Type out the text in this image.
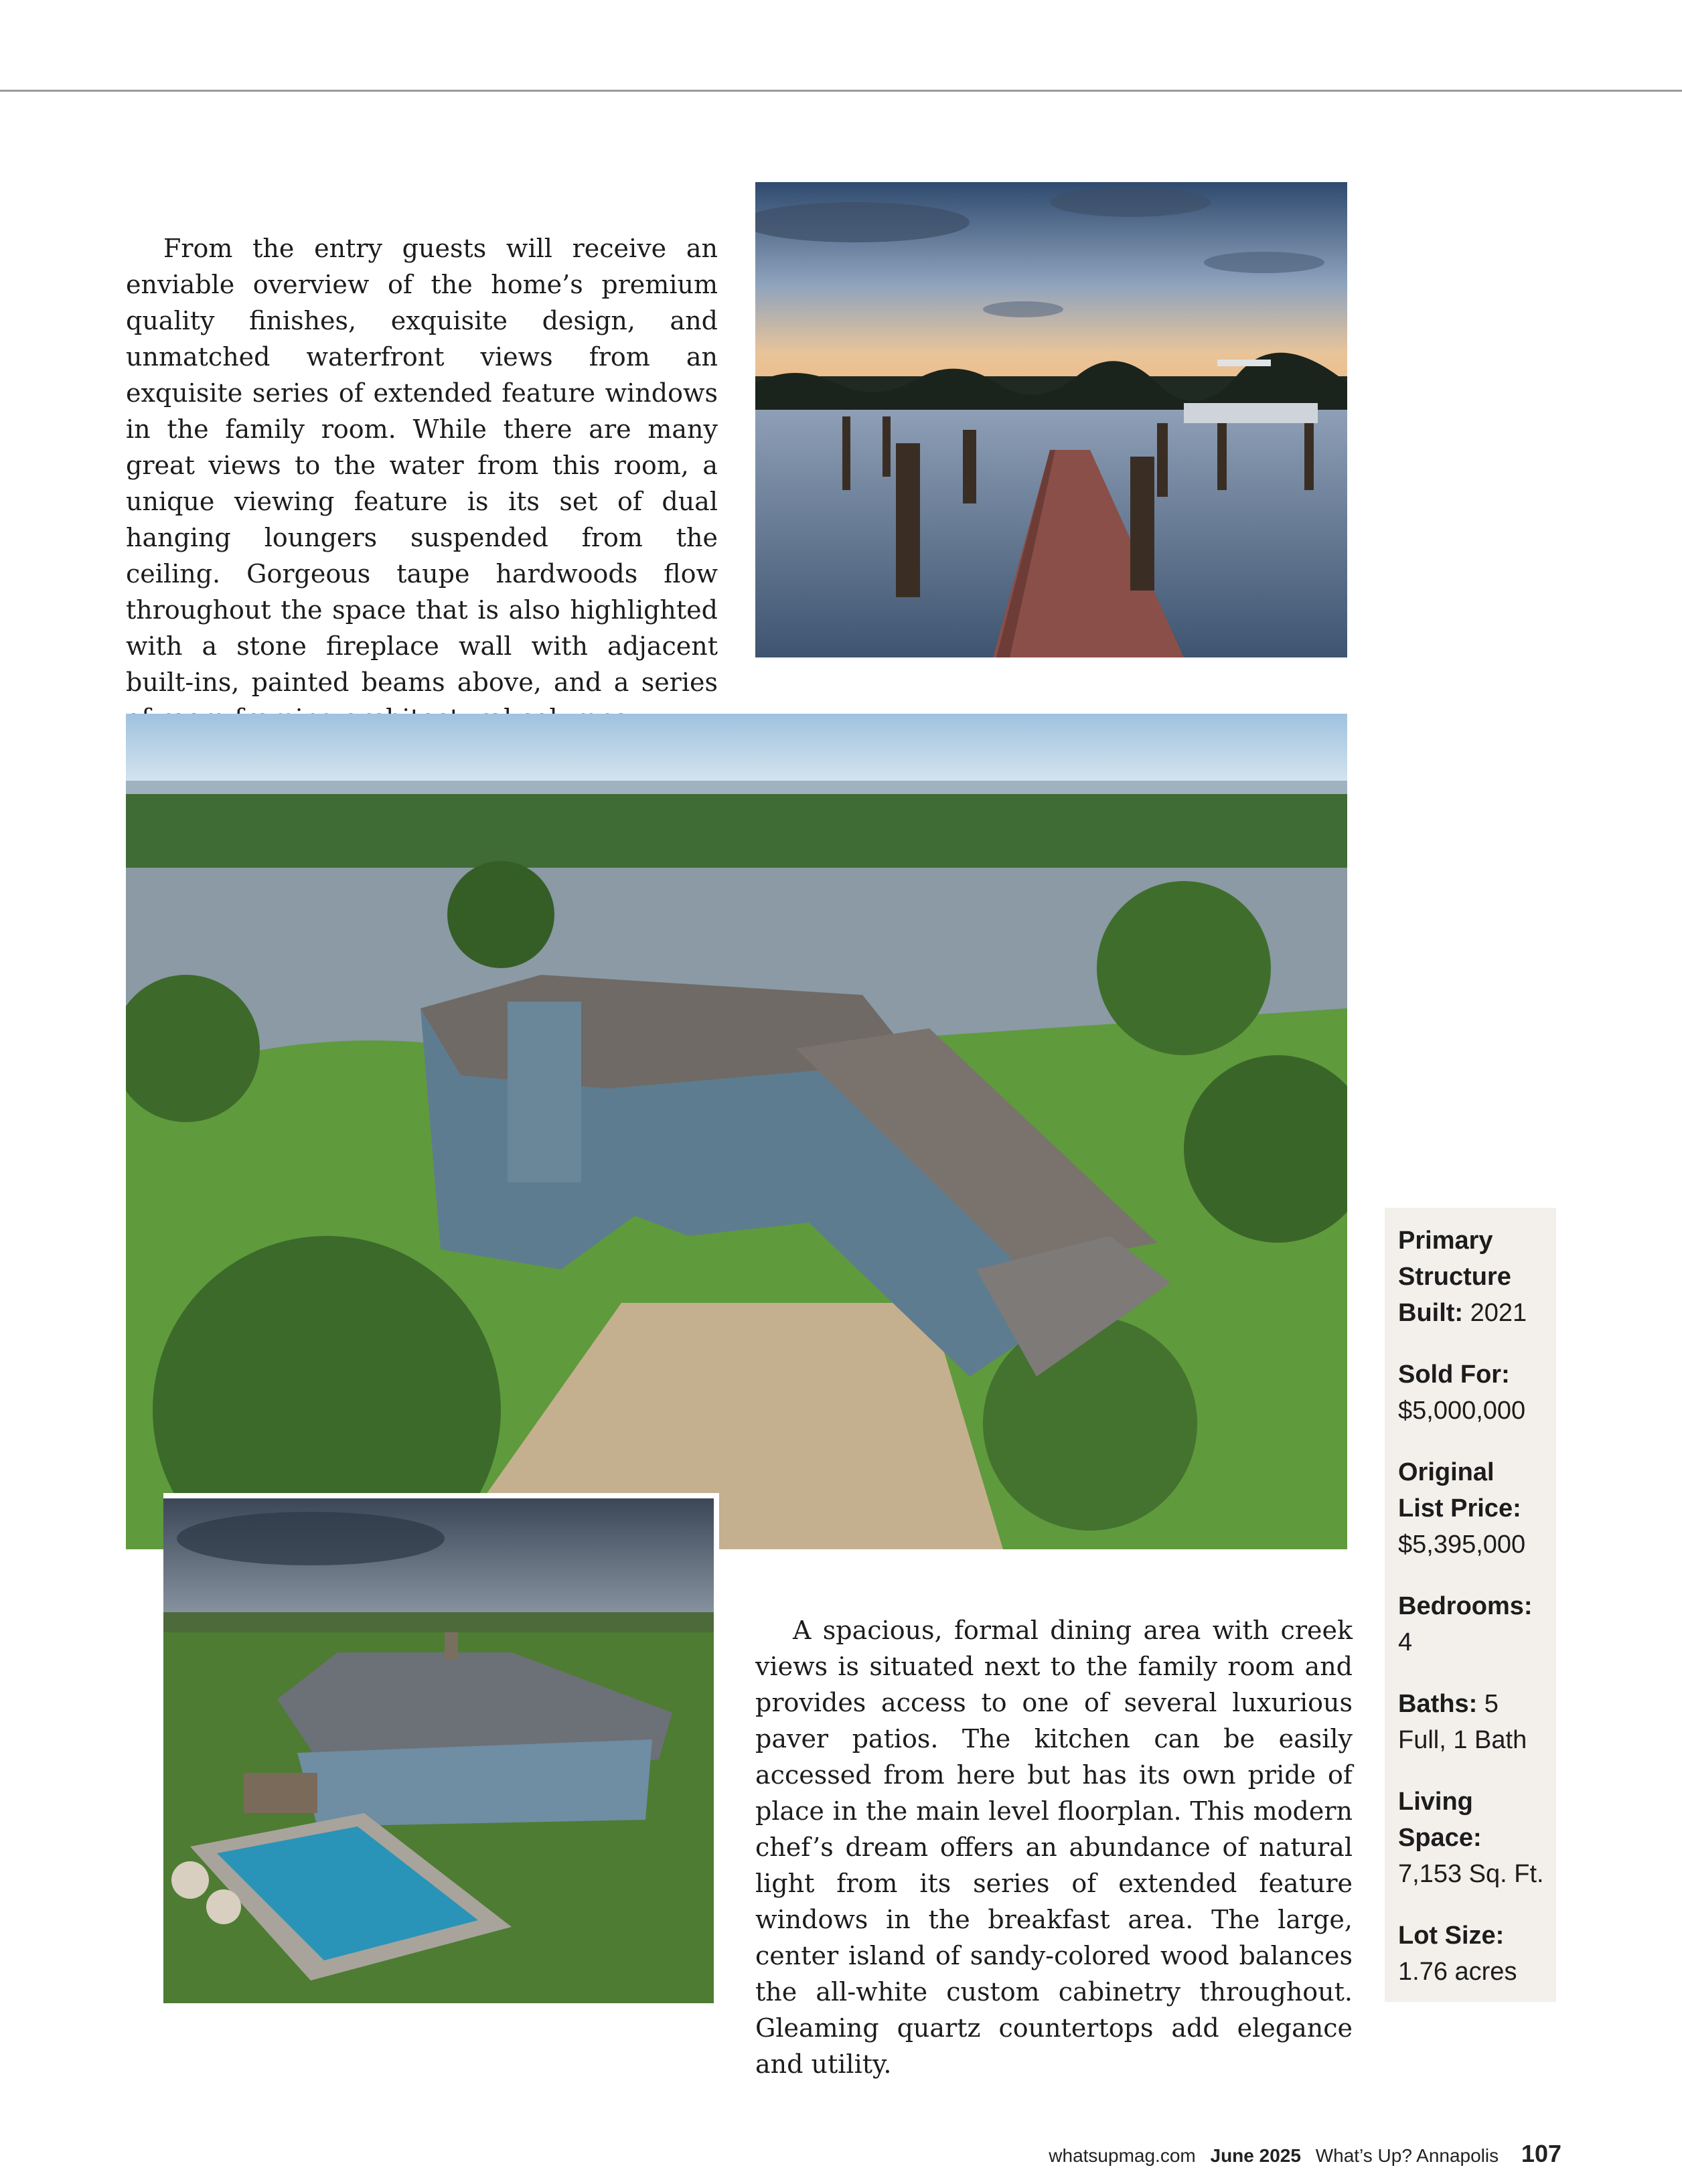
From the entry guests will receive an enviable overview of the home’s premium quality finishes, exquisite design, and unmatched waterfront views from an exquisite series of extended feature windows in the family room. While there are many great views to the water from this room, a unique viewing feature is its set of dual hanging loungers suspended from the ceiling. Gorgeous taupe hardwoods flow throughout the space that is also highlighted with a stone fireplace wall with adjacent built-ins, painted beams above, and a series

A spacious, formal dining area with creek views is situated next to the family room and provides access to one of several luxurious paver patios. The kitchen can be easily accessed from here but has its own pride of place in the main level floorplan. This modern chef’s dream offers an abundance of natural light from its series of extended feature windows in the breakfast area. The large, center island of sandy-colored wood balances the all-white custom cabinetry throughout. Gleaming quartz countertops add elegance and utility.

Primary Structure Built: 2021
Sold For: $5,000,000
Original List Price: $5,395,000
Bedrooms: 4
Baths: 5 Full, 1 Bath
Living Space: 7,153 Sq. Ft.
Lot Size: 1.76 acres
whatsupmag.com June 2025 What’s Up? Annapolis 107
